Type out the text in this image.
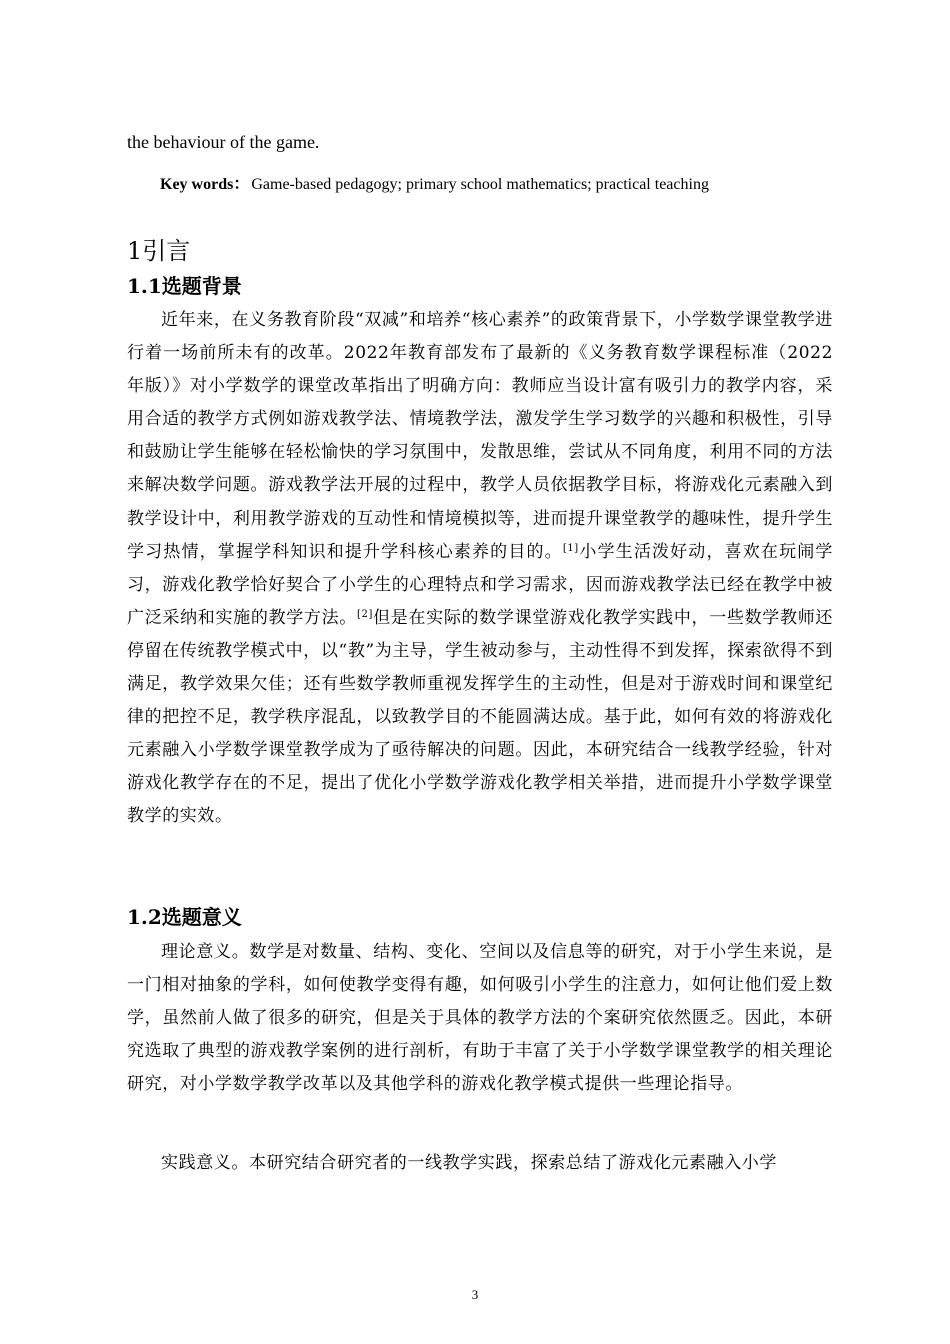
the behaviour of the game.
Key words： Game-based pedagogy; primary school mathematics; practical teaching
1引言
1.1选题背景

近年来，在义务教育阶段“双减”和培养“核心素养”的政策背景下，小学数学课堂教学进行着一场前所未有的改革。2022年教育部发布了最新的《义务教育数学课程标准（2022年版）》对小学数学的课堂改革指出了明确方向：教师应当设计富有吸引力的教学内容，采用合适的教学方式例如游戏教学法、情境教学法，激发学生学习数学的兴趣和积极性，引导和鼓励让学生能够在轻松愉快的学习氛围中，发散思维，尝试从不同角度，利用不同的方法来解决数学问题。游戏教学法开展的过程中，教学人员依据教学目标，将游戏化元素融入到教学设计中，利用教学游戏的互动性和情境模拟等，进而提升课堂教学的趣味性，提升学生学习热情，掌握学科知识和提升学科核心素养的目的。[1]小学生活泼好动，喜欢在玩闹学习，游戏化教学恰好契合了小学生的心理特点和学习需求，因而游戏教学法已经在教学中被广泛采纳和实施的教学方法。[2]但是在实际的数学课堂游戏化教学实践中，一些数学教师还停留在传统教学模式中，以“教”为主导，学生被动参与，主动性得不到发挥，探索欲得不到满足，教学效果欠佳；还有些数学教师重视发挥学生的主动性，但是对于游戏时间和课堂纪律的把控不足，教学秩序混乱，以致教学目的不能圆满达成。基于此，如何有效的将游戏化元素融入小学数学课堂教学成为了亟待解决的问题。因此，本研究结合一线教学经验，针对游戏化教学存在的不足，提出了优化小学数学游戏化教学相关举措，进而提升小学数学课堂教学的实效。

1.2选题意义

理论意义。数学是对数量、结构、变化、空间以及信息等的研究，对于小学生来说，是一门相对抽象的学科，如何使教学变得有趣，如何吸引小学生的注意力，如何让他们爱上数学，虽然前人做了很多的研究，但是关于具体的教学方法的个案研究依然匮乏。因此，本研究选取了典型的游戏教学案例的进行剖析，有助于丰富了关于小学数学课堂教学的相关理论研究，对小学数学教学改革以及其他学科的游戏化教学模式提供一些理论指导。

实践意义。本研究结合研究者的一线教学实践，探索总结了游戏化元素融入小学

3
